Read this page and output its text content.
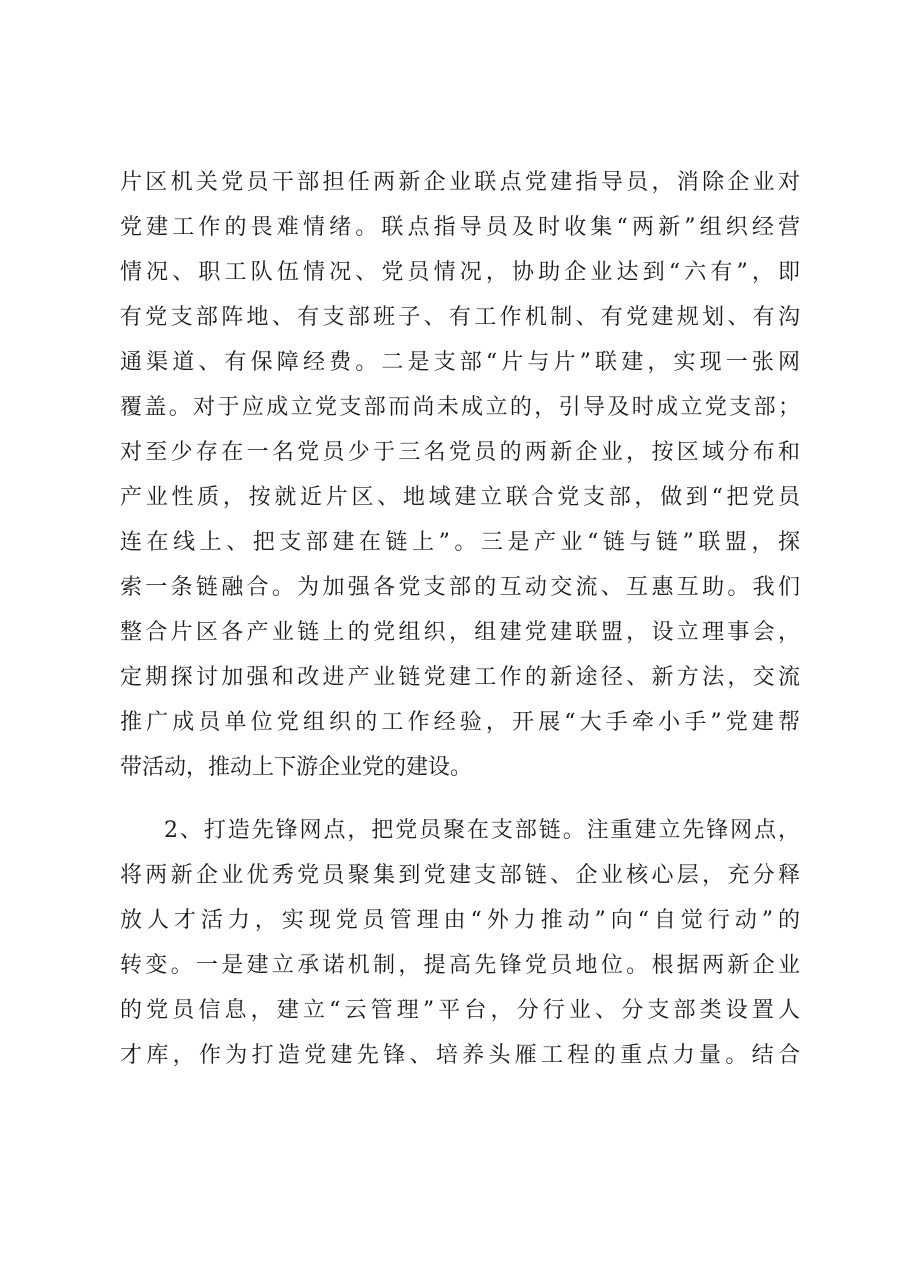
片区机关党员干部担任两新企业联点党建指导员，消除企业对
党建工作的畏难情绪。联点指导员及时收集“两新”组织经营
情况、职工队伍情况、党员情况，协助企业达到“六有”，即
有党支部阵地、有支部班子、有工作机制、有党建规划、有沟
通渠道、有保障经费。二是支部“片与片”联建，实现一张网
覆盖。对于应成立党支部而尚未成立的，引导及时成立党支部；
对至少存在一名党员少于三名党员的两新企业，按区域分布和
产业性质，按就近片区、地域建立联合党支部，做到“把党员
连在线上、把支部建在链上”。三是产业“链与链”联盟，探
索一条链融合。为加强各党支部的互动交流、互惠互助。我们
整合片区各产业链上的党组织，组建党建联盟，设立理事会，
定期探讨加强和改进产业链党建工作的新途径、新方法，交流
推广成员单位党组织的工作经验，开展“大手牵小手”党建帮
带活动，推动上下游企业党的建设。
2、打造先锋网点，把党员聚在支部链。注重建立先锋网点，
将两新企业优秀党员聚集到党建支部链、企业核心层，充分释
放人才活力，实现党员管理由“外力推动”向“自觉行动”的
转变。一是建立承诺机制，提高先锋党员地位。根据两新企业
的党员信息，建立“云管理”平台，分行业、分支部类设置人
才库，作为打造党建先锋、培养头雁工程的重点力量。结合
